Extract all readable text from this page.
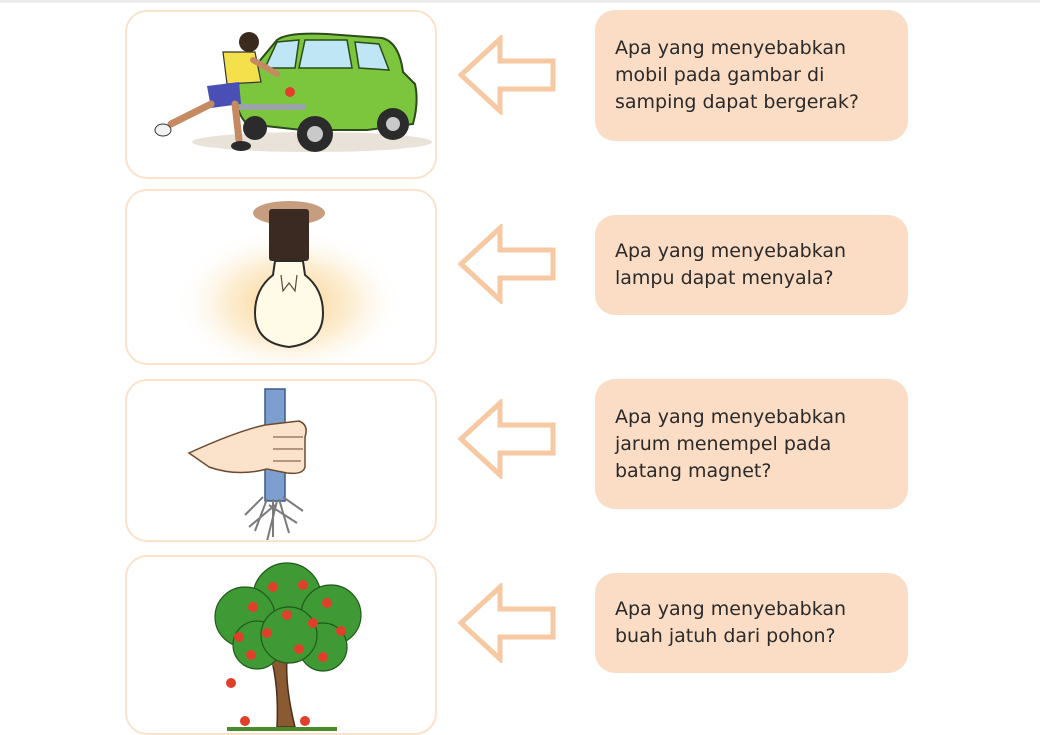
Apa yang menyebabkan
mobil pada gambar di
samping dapat bergerak?

Apa yang menyebabkan
lampu dapat menyala?

Apa yang menyebabkan
jarum menempel pada
batang magnet?

Apa yang menyebabkan
buah jatuh dari pohon?
